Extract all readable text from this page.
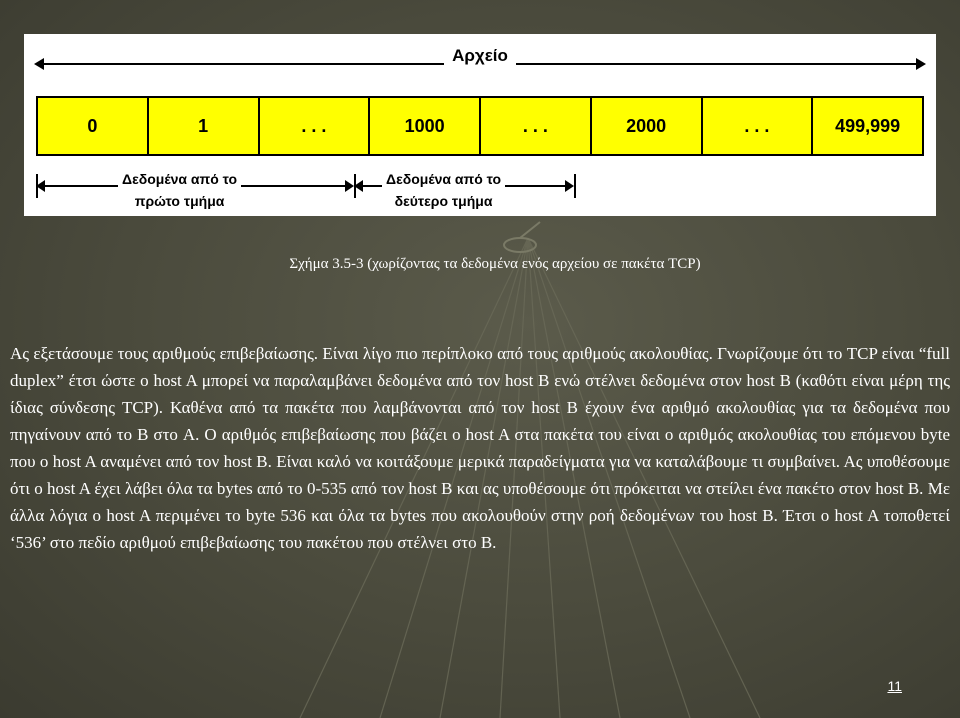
Αρχείο
0	1	. . .	1000	. . .	2000	. . .	499,999
Δεδομένα από το
πρώτο τμήμα
Δεδομένα από το
δεύτερο τμήμα
Σχήμα 3.5-3 (χωρίζοντας τα δεδομένα ενός αρχείου σε πακέτα TCP)
Ας εξετάσουμε τους αριθμούς επιβεβαίωσης. Είναι λίγο πιο περίπλοκο από τους αριθμούς ακολουθίας. Γνωρίζουμε ότι το TCP είναι “full duplex” έτσι ώστε ο host A μπορεί να παραλαμβάνει δεδομένα από τον host B ενώ στέλνει δεδομένα στον host B (καθότι είναι μέρη της ίδιας σύνδεσης TCP). Καθένα από τα πακέτα που λαμβάνονται από τον host B έχουν ένα αριθμό ακολουθίας για τα δεδομένα που πηγαίνουν από το B στο A. O αριθμός επιβεβαίωσης που βάζει ο host A στα πακέτα του είναι ο αριθμός ακολουθίας του επόμενου byte που ο host A αναμένει από τον host B. Είναι καλό να κοιτάξουμε μερικά παραδείγματα για να καταλάβουμε τι συμβαίνει. Ας υποθέσουμε ότι ο host A έχει λάβει όλα τα bytes από το 0-535 από τον host B και ας υποθέσουμε ότι πρόκειται να στείλει ένα πακέτο στον host B. Με άλλα λόγια ο host A περιμένει το byte 536 και όλα τα bytes που ακολουθούν στην ροή δεδομένων του host B. Έτσι ο host A τοποθετεί ‘536’ στο πεδίο αριθμού επιβεβαίωσης του πακέτου που στέλνει στο B.
11
